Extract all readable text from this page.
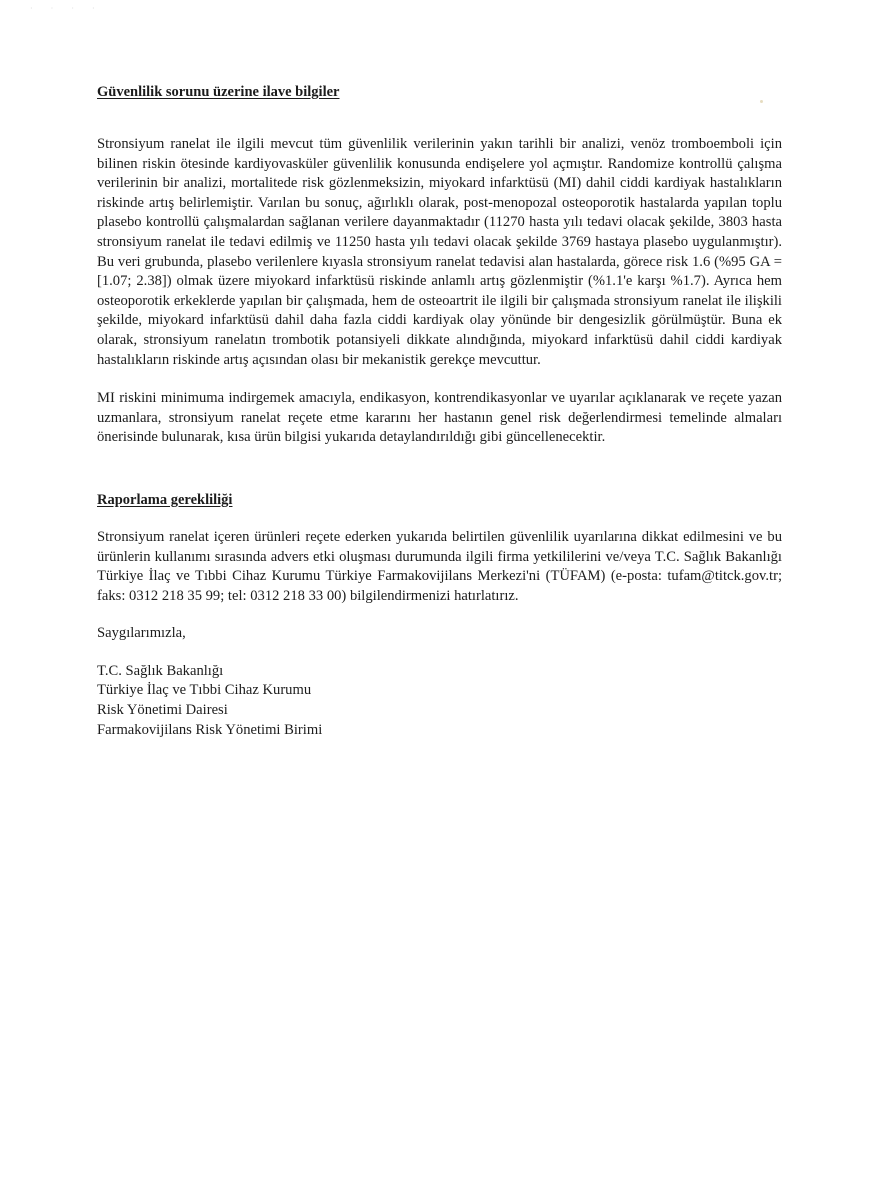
· · · ·
Güvenlilik sorunu üzerine ilave bilgiler

Stronsiyum ranelat ile ilgili mevcut tüm güvenlilik verilerinin yakın tarihli bir analizi, venöz tromboemboli için bilinen riskin ötesinde kardiyovasküler güvenlilik konusunda endişelere yol açmıştır. Randomize kontrollü çalışma verilerinin bir analizi, mortalitede risk gözlenmeksizin, miyokard infarktüsü (MI) dahil ciddi kardiyak hastalıkların riskinde artış belirlemiştir. Varılan bu sonuç, ağırlıklı olarak, post-menopozal osteoporotik hastalarda yapılan toplu plasebo kontrollü çalışmalardan sağlanan verilere dayanmaktadır (11270 hasta yılı tedavi olacak şekilde, 3803 hasta stronsiyum ranelat ile tedavi edilmiş ve 11250 hasta yılı tedavi olacak şekilde 3769 hastaya plasebo uygulanmıştır). Bu veri grubunda, plasebo verilenlere kıyasla stronsiyum ranelat tedavisi alan hastalarda, görece risk 1.6 (%95 GA = [1.07; 2.38]) olmak üzere miyokard infarktüsü riskinde anlamlı artış gözlenmiştir (%1.1'e karşı %1.7). Ayrıca hem osteoporotik erkeklerde yapılan bir çalışmada, hem de osteoartrit ile ilgili bir çalışmada stronsiyum ranelat ile ilişkili şekilde, miyokard infarktüsü dahil daha fazla ciddi kardiyak olay yönünde bir dengesizlik görülmüştür. Buna ek olarak, stronsiyum ranelatın trombotik potansiyeli dikkate alındığında, miyokard infarktüsü dahil ciddi kardiyak hastalıkların riskinde artış açısından olası bir mekanistik gerekçe mevcuttur.

MI riskini minimuma indirgemek amacıyla, endikasyon, kontrendikasyonlar ve uyarılar açıklanarak ve reçete yazan uzmanlara, stronsiyum ranelat reçete etme kararını her hastanın genel risk değerlendirmesi temelinde almaları önerisinde bulunarak, kısa ürün bilgisi yukarıda detaylandırıldığı gibi güncellenecektir.

Raporlama gerekliliği

Stronsiyum ranelat içeren ürünleri reçete ederken yukarıda belirtilen güvenlilik uyarılarına dikkat edilmesini ve bu ürünlerin kullanımı sırasında advers etki oluşması durumunda ilgili firma yetkililerini ve/veya T.C. Sağlık Bakanlığı Türkiye İlaç ve Tıbbi Cihaz Kurumu Türkiye Farmakovijilans Merkezi'ni (TÜFAM) (e-posta: tufam@titck.gov.tr; faks: 0312 218 35 99; tel: 0312 218 33 00) bilgilendirmenizi hatırlatırız.

Saygılarımızla,

T.C. Sağlık Bakanlığı

Türkiye İlaç ve Tıbbi Cihaz Kurumu

Risk Yönetimi Dairesi

Farmakovijilans Risk Yönetimi Birimi
